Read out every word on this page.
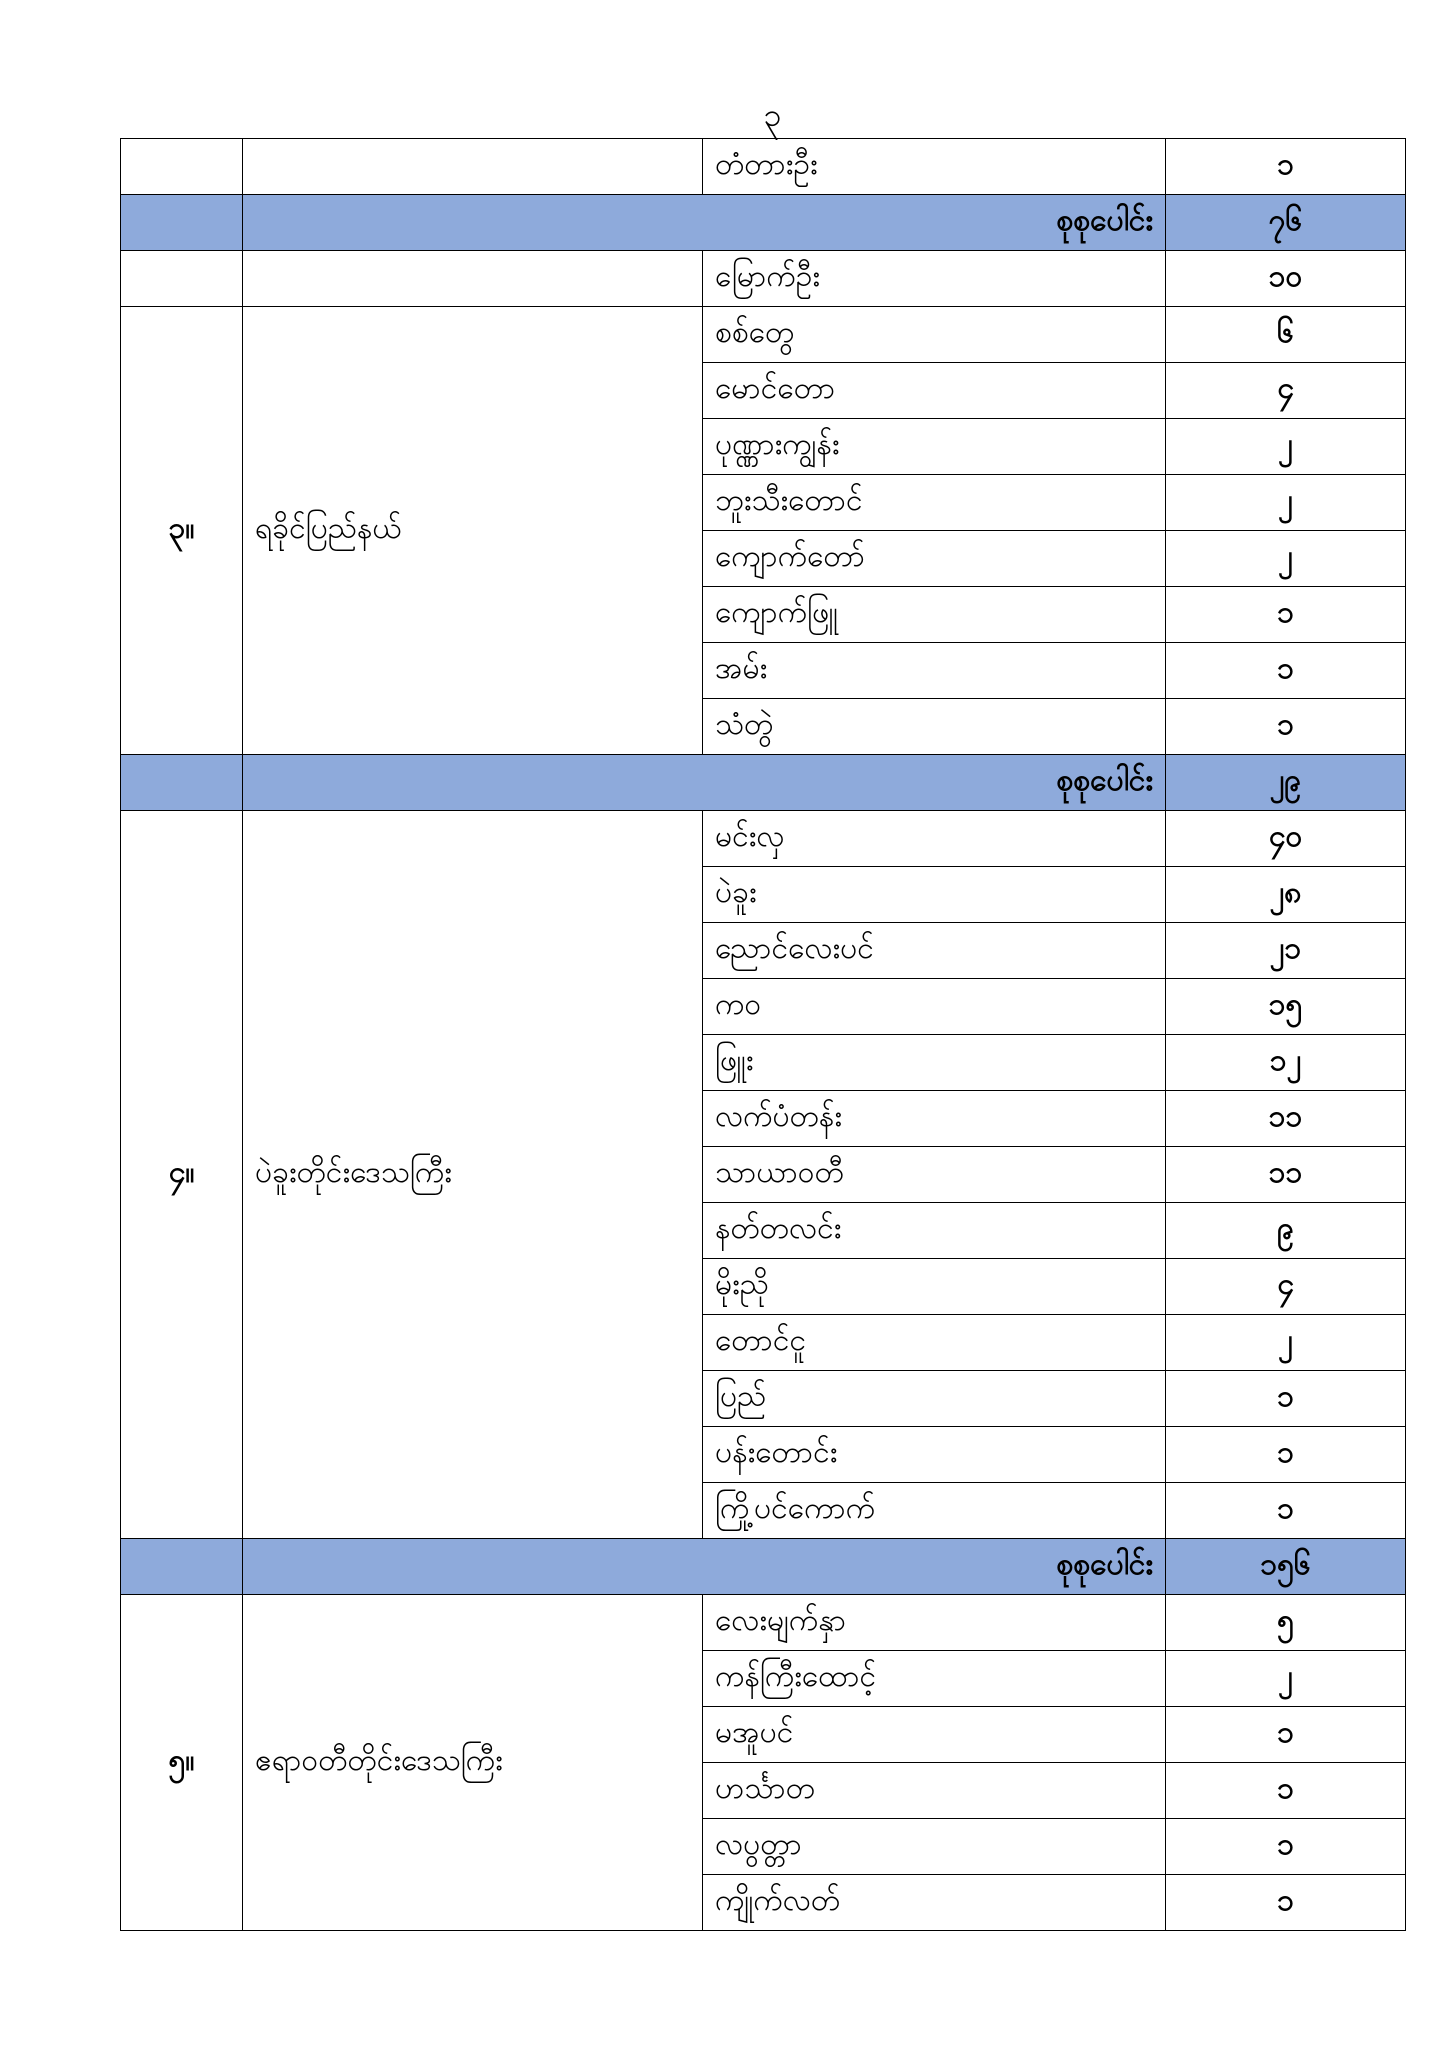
၃
		တံတားဦး	၁
	စုစုပေါင်း		၇၆
		မြောက်ဦး	၁၀
၃။	ရခိုင်ပြည်နယ်	စစ်တွေ	၆
		မောင်တော	၄
		ပုဏ္ဏားကျွန်း	၂
		ဘူးသီးတောင်	၂
		ကျောက်တော်	၂
		ကျောက်ဖြူ	၁
		အမ်း	၁
		သံတွဲ	၁
	စုစုပေါင်း		၂၉
၄။	ပဲခူးတိုင်းဒေသကြီး	မင်းလှ	၄၀
		ပဲခူး	၂၈
		ညောင်လေးပင်	၂၁
		ကဝ	၁၅
		ဖြူး	၁၂
		လက်ပံတန်း	၁၁
		သာယာဝတီ	၁၁
		နတ်တလင်း	၉
		မိုးညို	၄
		တောင်ငူ	၂
		ပြည်	၁
		ပန်းတောင်း	၁
		ကြို့ပင်ကောက်	၁
	စုစုပေါင်း		၁၅၆
၅။	ဧရာဝတီတိုင်းဒေသကြီး	လေးမျက်နှာ	၅
		ကန်ကြီးထောင့်	၂
		မအူပင်	၁
		ဟင်္သာတ	၁
		လပွတ္တာ	၁
		ကျိုက်လတ်	၁
